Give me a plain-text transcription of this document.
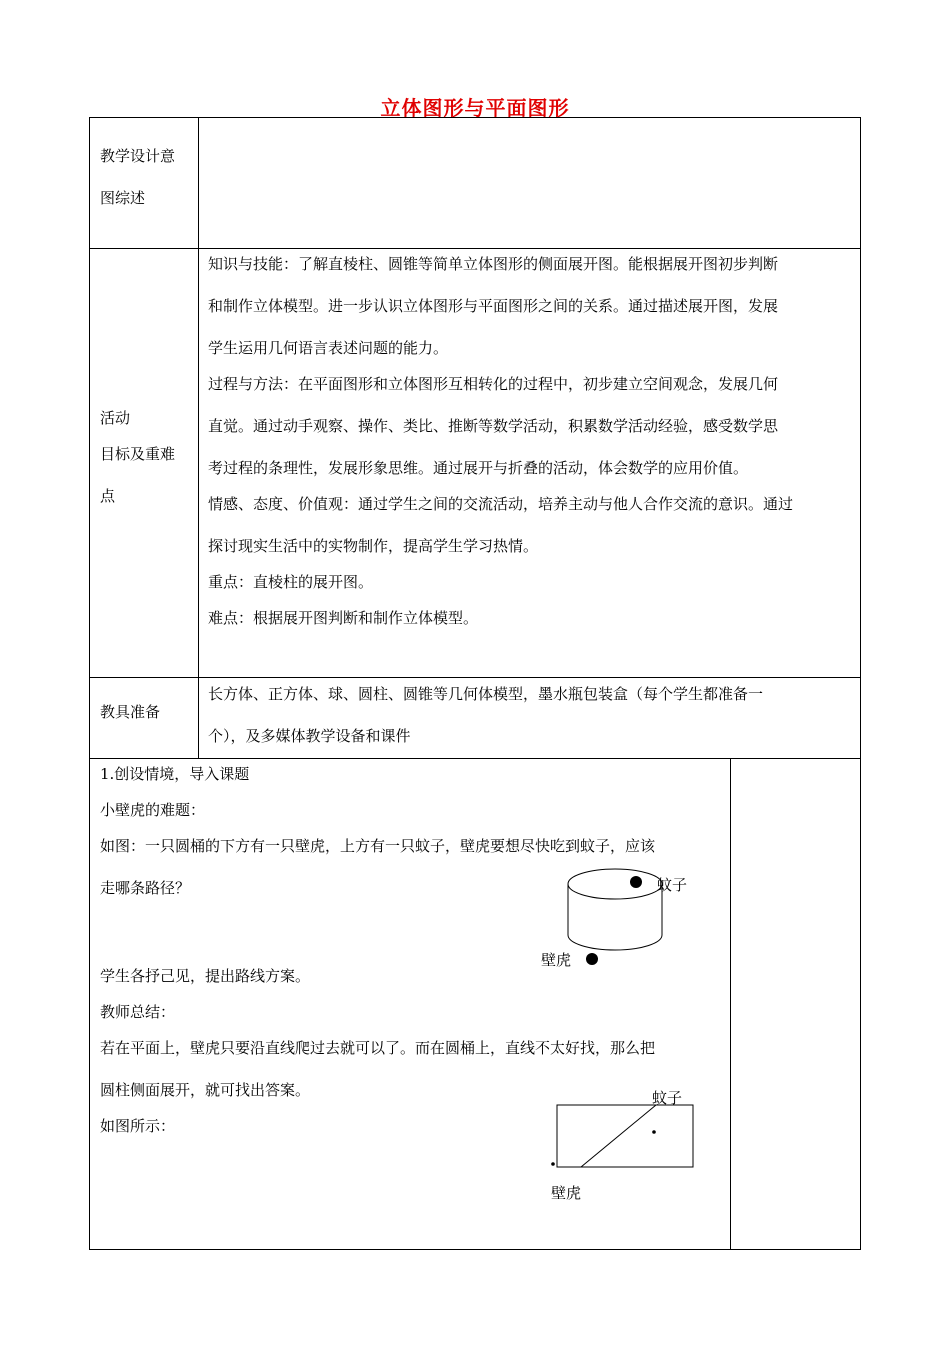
立体图形与平面图形
教学设计意
图综述
活动
目标及重难
点
知识与技能：了解直棱柱、圆锥等简单立体图形的侧面展开图。能根据展开图初步判断
和制作立体模型。进一步认识立体图形与平面图形之间的关系。通过描述展开图，发展
学生运用几何语言表述问题的能力。
过程与方法：在平面图形和立体图形互相转化的过程中，初步建立空间观念，发展几何
直觉。通过动手观察、操作、类比、推断等数学活动，积累数学活动经验，感受数学思
考过程的条理性，发展形象思维。通过展开与折叠的活动，体会数学的应用价值。
情感、态度、价值观：通过学生之间的交流活动，培养主动与他人合作交流的意识。通过
探讨现实生活中的实物制作，提高学生学习热情。
重点：直棱柱的展开图。
难点：根据展开图判断和制作立体模型。
教具准备
长方体、正方体、球、圆柱、圆锥等几何体模型，墨水瓶包装盒（每个学生都准备一
个），及多媒体教学设备和课件
1.创设情境，导入课题
小壁虎的难题：
如图：一只圆桶的下方有一只壁虎，上方有一只蚊子，壁虎要想尽快吃到蚊子，应该
走哪条路径？
学生各抒己见，提出路线方案。
教师总结：
若在平面上，壁虎只要沿直线爬过去就可以了。而在圆桶上，直线不太好找，那么把
圆柱侧面展开，就可找出答案。
如图所示：
蚊子
壁虎
蚊子
壁虎
